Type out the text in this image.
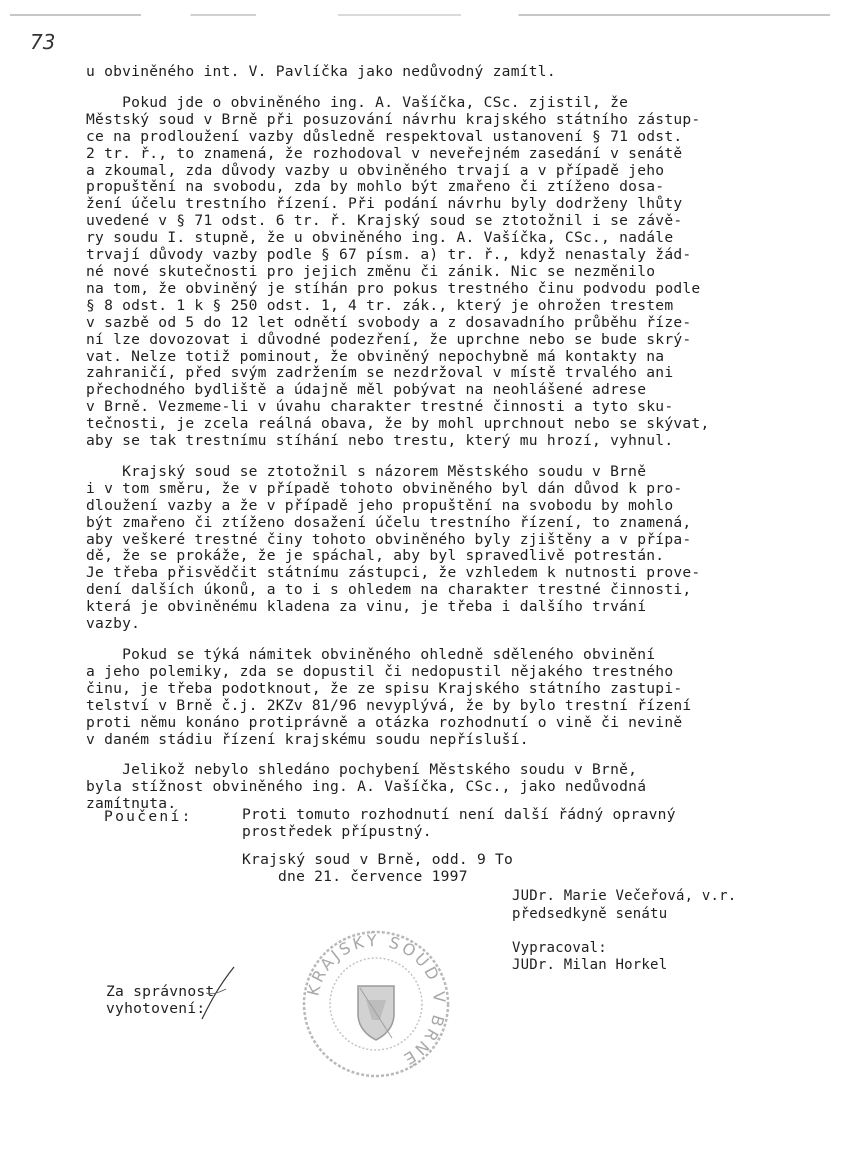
73
u obviněného int. V. Pavlíčka jako nedůvodný zamítl.
Pokud jde o obviněného ing. A. Vašíčka, CSc. zjistil, že
Městský soud v Brně při posuzování návrhu krajského státního zástup-
ce na prodloužení vazby důsledně respektoval ustanovení § 71 odst.
2 tr. ř., to znamená, že rozhodoval v neveřejném zasedání v senátě
a zkoumal, zda důvody vazby u obviněného trvají a v případě jeho
propuštění na svobodu, zda by mohlo být zmařeno či ztíženo dosa-
žení účelu trestního řízení. Při podání návrhu byly dodrženy lhůty
uvedené v § 71 odst. 6 tr. ř. Krajský soud se ztotožnil i se závě-
ry soudu I. stupně, že u obviněného ing. A. Vašíčka, CSc., nadále
trvají důvody vazby podle § 67 písm. a) tr. ř., když nenastaly žád-
né nové skutečnosti pro jejich změnu či zánik. Nic se nezměnilo
na tom, že obviněný je stíhán pro pokus trestného činu podvodu podle
§ 8 odst. 1 k § 250 odst. 1, 4 tr. zák., který je ohrožen trestem
v sazbě od 5 do 12 let odnětí svobody a z dosavadního průběhu říze-
ní lze dovozovat i důvodné podezření, že uprchne nebo se bude skrý-
vat. Nelze totiž pominout, že obviněný nepochybně má kontakty na
zahraničí, před svým zadržením se nezdržoval v místě trvalého ani
přechodného bydliště a údajně měl pobývat na neohlášené adrese
v Brně. Vezmeme-li v úvahu charakter trestné činnosti a tyto sku-
tečnosti, je zcela reálná obava, že by mohl uprchnout nebo se skývat,
aby se tak trestnímu stíhání nebo trestu, který mu hrozí, vyhnul.
Krajský soud se ztotožnil s názorem Městského soudu v Brně
i v tom směru, že v případě tohoto obviněného byl dán důvod k pro-
dloužení vazby a že v případě jeho propuštění na svobodu by mohlo
být zmařeno či ztíženo dosažení účelu trestního řízení, to znamená,
aby veškeré trestné činy tohoto obviněného byly zjištěny a v přípa-
dě, že se prokáže, že je spáchal, aby byl spravedlivě potrestán.
Je třeba přisvědčit státnímu zástupci, že vzhledem k nutnosti prove-
dení dalších úkonů, a to i s ohledem na charakter trestné činnosti,
která je obviněnému kladena za vinu, je třeba i dalšího trvání
vazby.
Pokud se týká námitek obviněného ohledně sděleného obvinění
a jeho polemiky, zda se dopustil či nedopustil nějakého trestného
činu, je třeba podotknout, že ze spisu Krajského státního zastupi-
telství v Brně č.j. 2KZv 81/96 nevyplývá, že by bylo trestní řízení
proti němu konáno protiprávně a otázka rozhodnutí o vině či nevině
v daném stádiu řízení krajskému soudu nepřísluší.
Jelikož nebylo shledáno pochybení Městského soudu v Brně,
byla stížnost obviněného ing. A. Vašíčka, CSc., jako nedůvodná
zamítnuta.
Poučení:	Proti tomuto rozhodnutí není další řádný opravný
prostředek přípustný.
Krajský soud v Brně, odd. 9 To
dne 21. července 1997
JUDr. Marie Večeřová, v.r.
předsedkyně senátu
Vypracoval:
JUDr. Milan Horkel
Za správnost
vyhotovení:
KRAJSKÝ SOUD V BRNĚ
